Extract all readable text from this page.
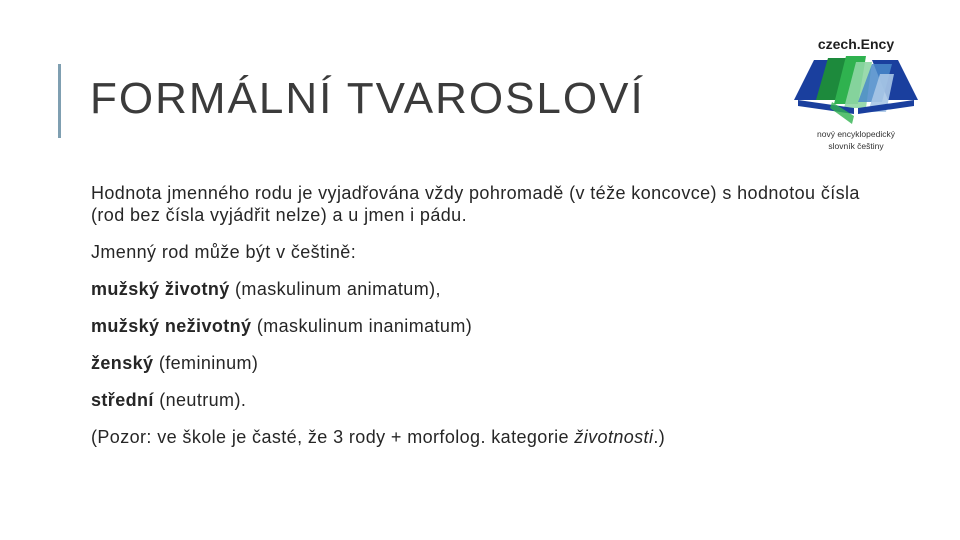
FORMÁLNÍ TVAROSLOVÍ
czech.Ency
nový encyklopedický
slovník češtiny

Hodnota jmenného rodu je vyjadřována vždy pohromadě (v téže koncovce) s hodnotou čísla (rod bez čísla vyjádřit nelze) a u jmen i pádu.

Jmenný rod může být v češtině:

mužský životný (maskulinum animatum),

mužský neživotný (maskulinum inanimatum)

ženský (femininum)

střední (neutrum).

(Pozor: ve škole je časté, že 3 rody + morfolog. kategorie životnosti.)
